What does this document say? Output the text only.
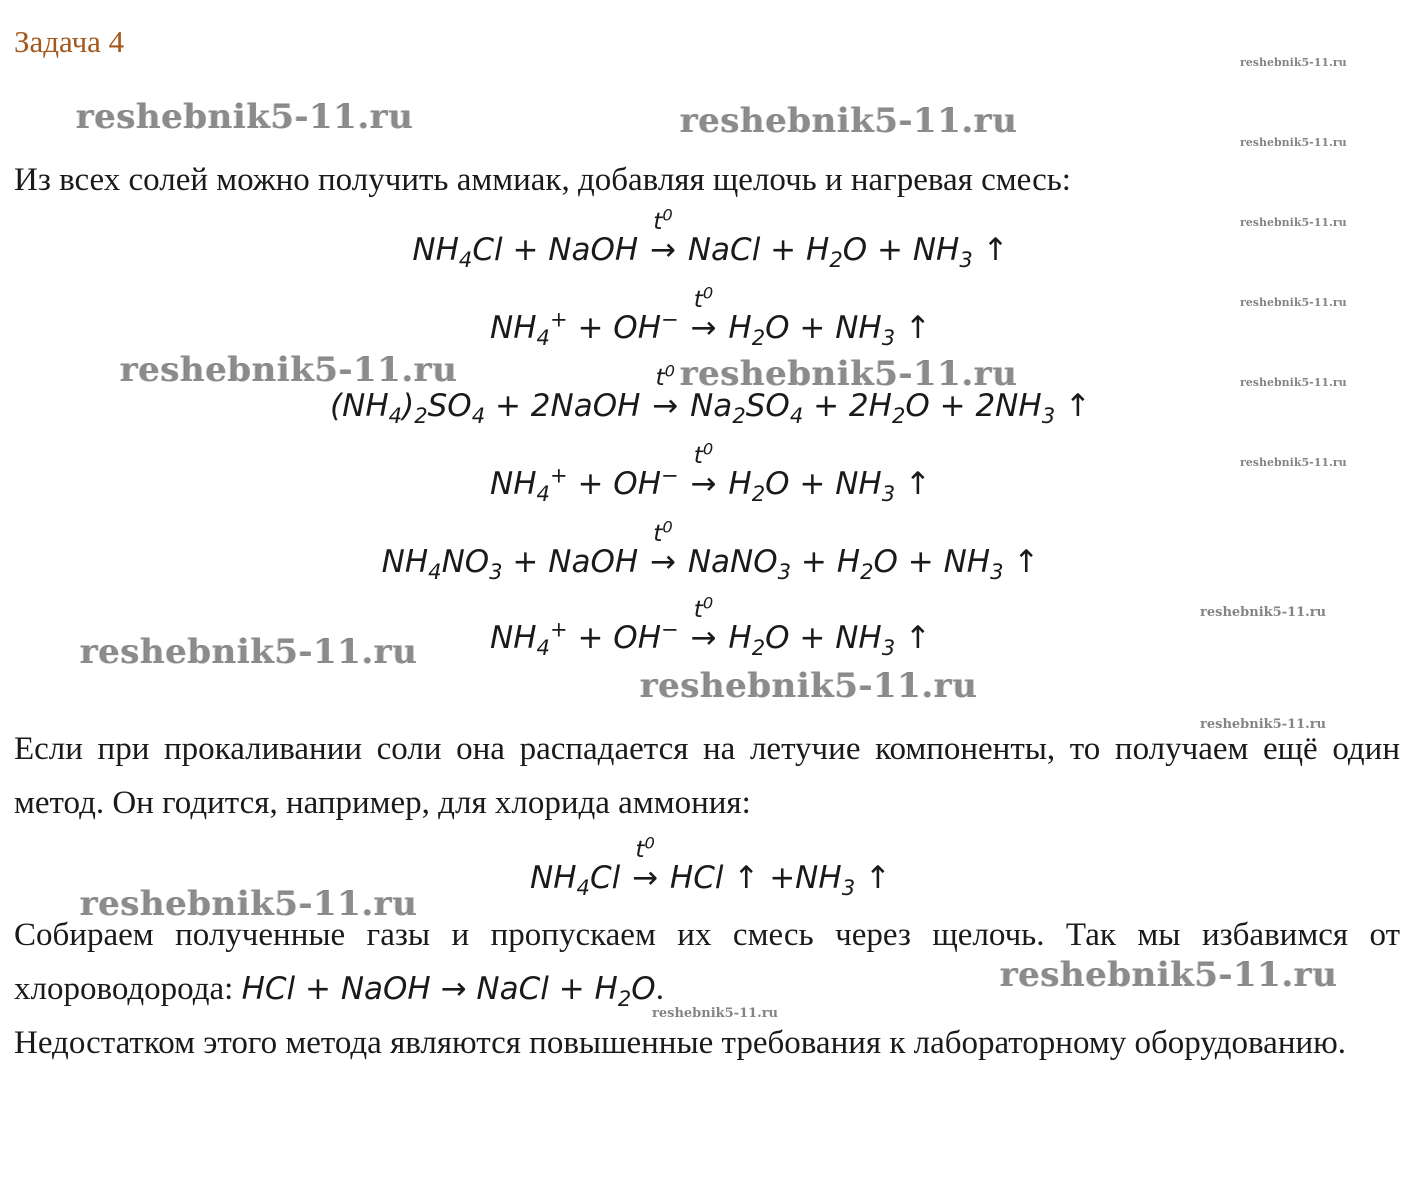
Задача 4
Из всех солей можно получить аммиак, добавляя щелочь и нагревая смесь:
$NH_4Cl$ + NaOH
$t^0$
→ NaCl + $H_2O + NH_3$ ↑
$NH_4^+ + OH^-$
$t^0$
→ $H_2O + NH_3$ ↑
$(NH_4)_2SO_4$ + 2NaOH
$t^0$
→ $Na_2SO_4 + 2H_2O + 2NH_3$ ↑
$NH_4^+ + OH^-$
$t^0$
→ $H_2O + NH_3$ ↑
$NH_4NO_3$ + NaOH
$t^0$
→ NaNO$_3$ + $H_2O + NH_3$ ↑
$NH_4^+ + OH^-$
$t^0$
→ $H_2O + NH_3$ ↑
Если при прокаливании соли она распадается на летучие компоненты, то получаем ещё один метод. Он годится, например, для хлорида аммония:
$NH_4Cl$
$t^0$
→ HCl ↑ $+NH_3$ ↑
Собираем полученные газы и пропускаем их смесь через щелочь. Так мы избавимся от хлороводорода: HCl + NaOH → NaCl + $H_2O$.
Недостатком этого метода являются повышенные требования к лабораторному оборудованию.
reshebnik5-11.ru	reshebnik5-11.ru
reshebnik5-11.ru	reshebnik5-11.ru
reshebnik5-11.ru
reshebnik5-11.ru
reshebnik5-11.ru
reshebnik5-11.ru
reshebnik5-11.ru
reshebnik5-11.ru
reshebnik5-11.ru
reshebnik5-11.ru
reshebnik5-11.ru
reshebnik5-11.ru
reshebnik5-11.ru
reshebnik5-11.ru
reshebnik5-11.ru
